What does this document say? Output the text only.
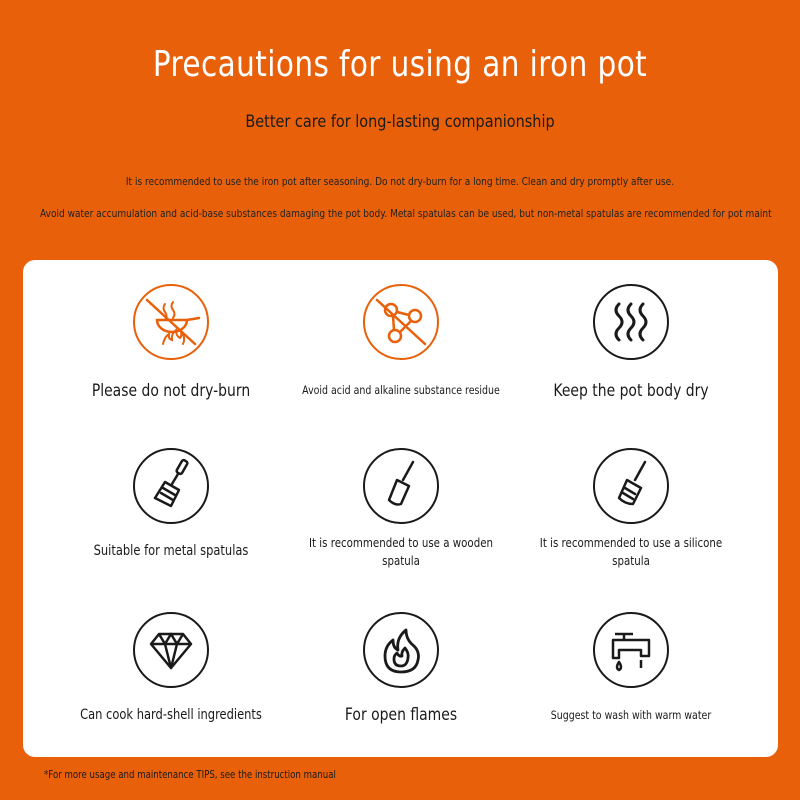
Precautions for using an iron pot
Better care for long-lasting companionship
It is recommended to use the iron pot after seasoning. Do not dry-burn for a long time. Clean and dry promptly after use.
Avoid water accumulation and acid-base substances damaging the pot body. Metal spatulas can be used, but non-metal spatulas are recommended for pot maint
Please do not dry-burn	Avoid acid and alkaline substance residue	Keep the pot body dry
Suitable for metal spatulas
It is recommended to use a wooden spatula
It is recommended to use a silicone spatula
Can cook hard-shell ingredients	For open flames	Suggest to wash with warm water
*For more usage and maintenance TIPS, see the instruction manual
